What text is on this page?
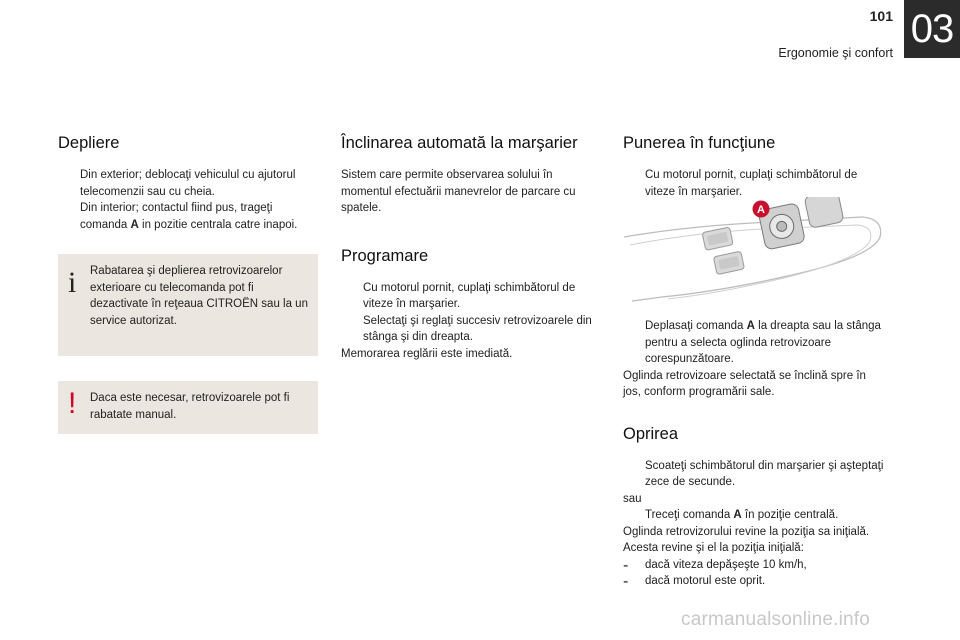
101
Ergonomie şi confort
03
Depliere
Din exterior; deblocaţi vehiculul cu ajutorul telecomenzii sau cu cheia.
Din interior; contactul fiind pus, trageţi
comanda A in pozitie centrala catre inapoi.
i Rabatarea şi deplierea retrovizoarelor exterioare cu telecomanda pot fi dezactivate în reţeaua CITROËN sau la un service autorizat.
! Daca este necesar, retrovizoarele pot fi rabatate manual.
Înclinarea automată la marşarier

Sistem care permite observarea solului în momentul efectuării manevrelor de parcare cu spatele.

Programare
Cu motorul pornit, cuplaţi schimbătorul de viteze în marşarier.
Selectaţi şi reglaţi succesiv retrovizoarele din stânga şi din dreapta.

Memorarea reglării este imediată.

Punerea în funcţiune
Cu motorul pornit, cuplaţi schimbătorul de viteze în marşarier.
A
Deplasaţi comanda A la dreapta sau la stânga pentru a selecta oglinda retrovizoare corespunzătoare.

Oglinda retrovizoare selectată se înclină spre în jos, conform programării sale.

Oprirea
Scoateţi schimbătorul din marşarier şi aşteptaţi zece de secunde.

sau

Treceţi comanda A în poziţie centrală.

Oglinda retrovizorului revine la poziţia sa iniţială.

Acesta revine şi el la poziţia iniţială:

- dacă viteza depăşeşte 10 km/h,

- dacă motorul este oprit.

carmanualsonline.info
